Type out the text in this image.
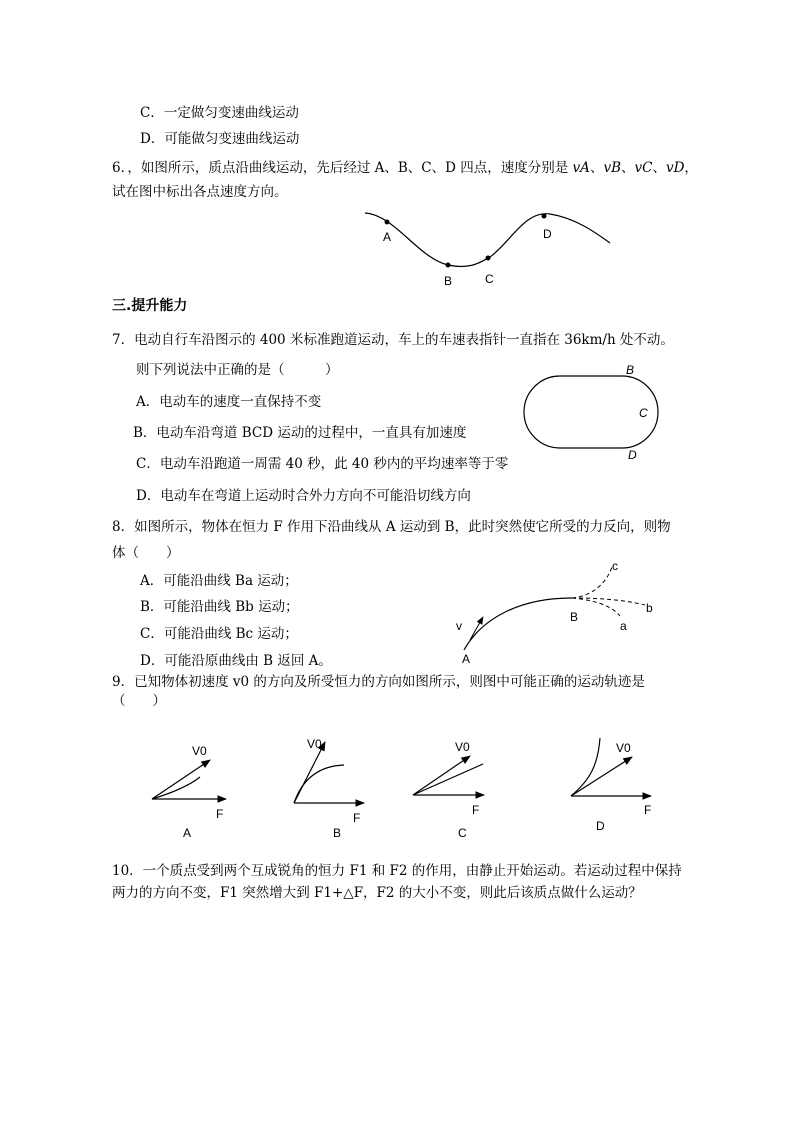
C．一定做匀变速曲线运动
D．可能做匀变速曲线运动
6．，如图所示，质点沿曲线运动，先后经过 A、B、C、D 四点，速度分别是 vA、vB、vC、vD，
试在图中标出各点速度方向。
A
B	C
D
三.提升能力
7．电动自行车沿图示的 400 米标准跑道运动，车上的车速表指针一直指在 36km/h 处不动。
则下列说法中正确的是（　　　）
A．电动车的速度一直保持不变
B．电动车沿弯道 BCD 运动的过程中，一直具有加速度
C．电动车沿跑道一周需 40 秒，此 40 秒内的平均速率等于零
D．电动车在弯道上运动时合外力方向不可能沿切线方向
B
C
D
8．如图所示，物体在恒力 F 作用下沿曲线从 A 运动到 B，此时突然使它所受的力反向，则物
体（　　）
A．可能沿曲线 Ba 运动；
B．可能沿曲线 Bb 运动；
C．可能沿曲线 Bc 运动；
D．可能沿原曲线由 B 返回 A。
v
A
B
c
b
a
9．已知物体初速度 v0 的方向及所受恒力的方向如图所示，则图中可能正确的运动轨迹是
（　　）
V0
F
A
V0
F
B
V0
F
C
V0
F
D
10．一个质点受到两个互成锐角的恒力 F1 和 F2 的作用，由静止开始运动。若运动过程中保持
两力的方向不变，F1 突然增大到 F1+△F，F2 的大小不变，则此后该质点做什么运动？
